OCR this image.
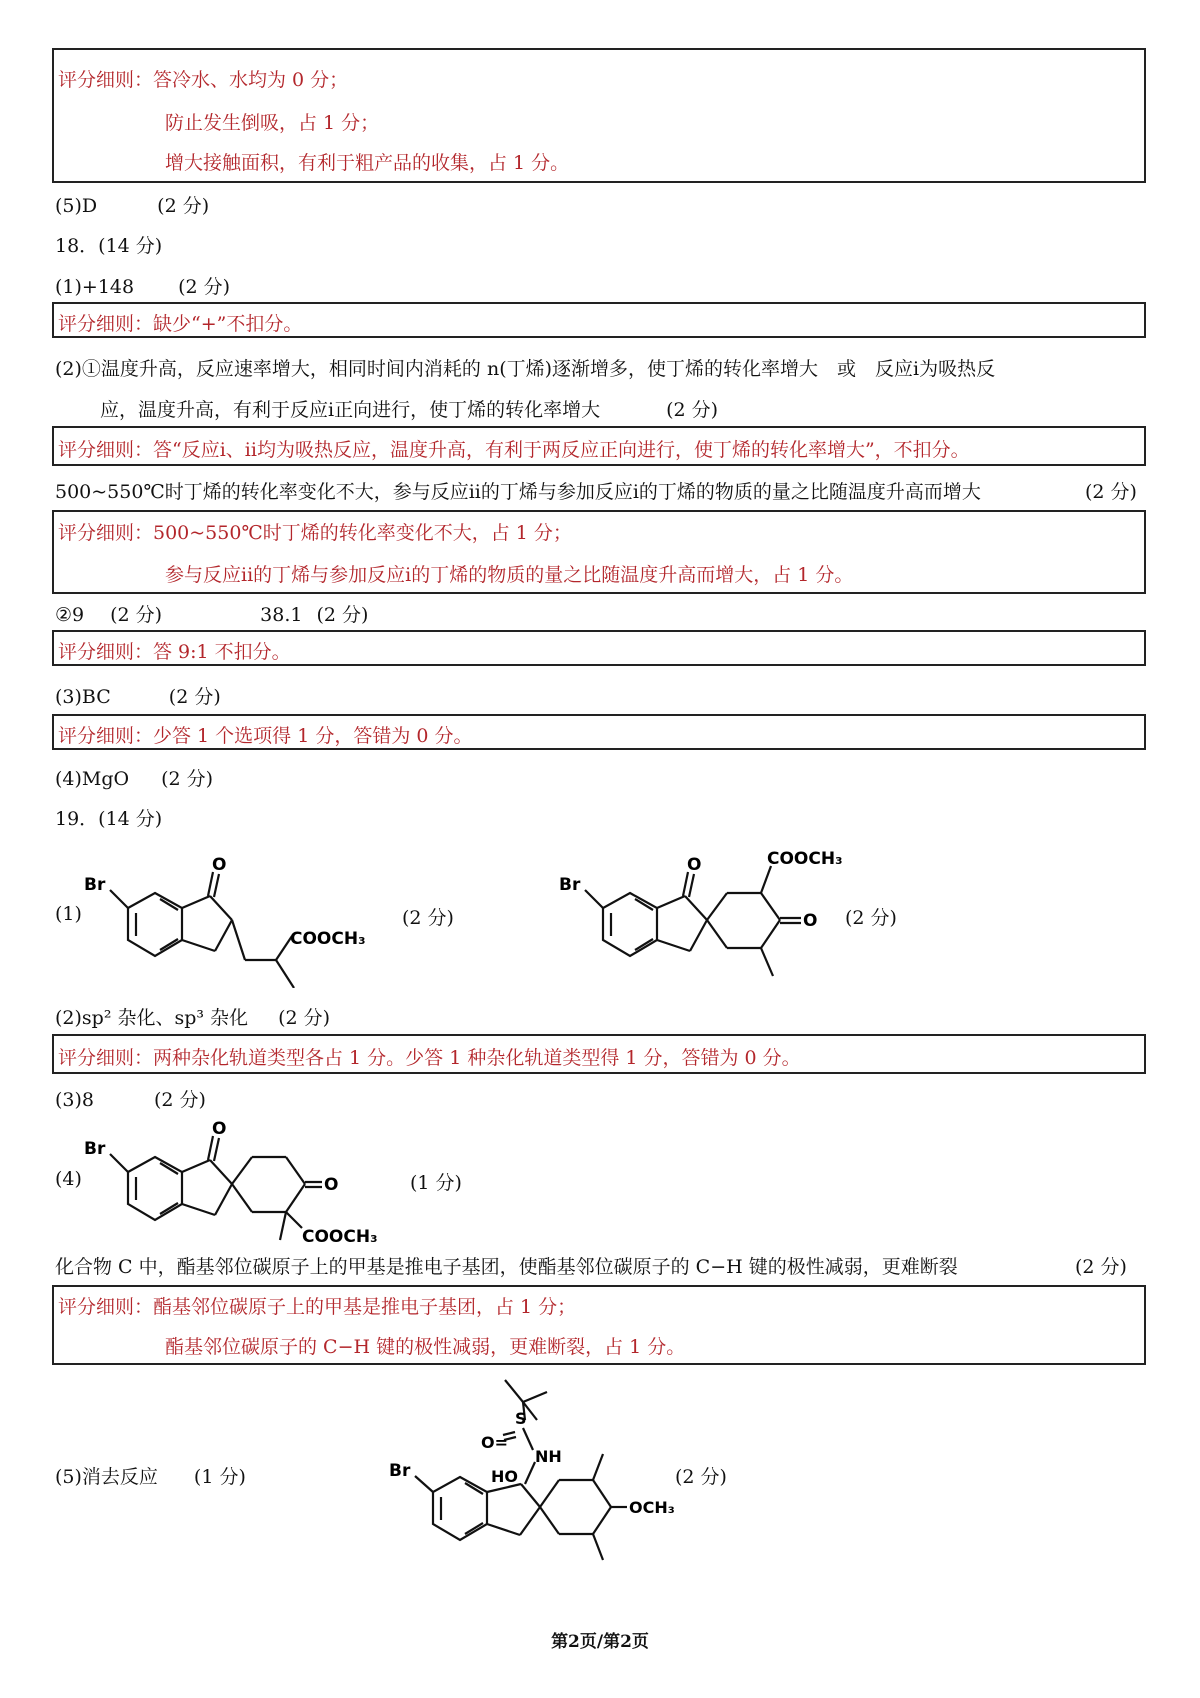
评分细则：答冷水、水均为 0 分；
防止发生倒吸，占 1 分；
增大接触面积，有利于粗产品的收集，占 1 分。
(5)D	(2 分)
18．(14 分)
(1)+148 (2 分)
评分细则：缺少“+”不扣分。
(2)①温度升高，反应速率增大，相同时间内消耗的 n(丁烯)逐渐增多，使丁烯的转化率增大　或　反应i为吸热反
应，温度升高，有利于反应i正向进行，使丁烯的转化率增大	(2 分)
评分细则：答“反应i、ii均为吸热反应，温度升高，有利于两反应正向进行，使丁烯的转化率增大”，不扣分。
500~550℃时丁烯的转化率变化不大，参与反应ii的丁烯与参加反应i的丁烯的物质的量之比随温度升高而增大	(2 分)
评分细则：500~550℃时丁烯的转化率变化不大，占 1 分；
参与反应ii的丁烯与参加反应i的丁烯的物质的量之比随温度升高而增大，占 1 分。
②9 (2 分)	38.1 (2 分)
评分细则：答 9:1 不扣分。
(3)BC	(2 分)
评分细则：少答 1 个选项得 1 分，答错为 0 分。
(4)MgO (2 分)
19．(14 分)
(1)
Br
O
COOCH₃
(2 分)
Br
O	COOCH₃
O (2 分)
(2)sp² 杂化、sp³ 杂化 (2 分)
评分细则：两种杂化轨道类型各占 1 分。少答 1 种杂化轨道类型得 1 分，答错为 0 分。
(3)8	(2 分)
(4)
Br
O
O
COOCH₃
(1 分)
化合物 C 中，酯基邻位碳原子上的甲基是推电子基团，使酯基邻位碳原子的 C−H 键的极性减弱，更难断裂	(2 分)
评分细则：酯基邻位碳原子上的甲基是推电子基团，占 1 分；
酯基邻位碳原子的 C−H 键的极性减弱，更难断裂，占 1 分。
(5)消去反应 (1 分)
S
O=
NH
HO
Br
OCH₃
(2 分)
第2页/第2页
